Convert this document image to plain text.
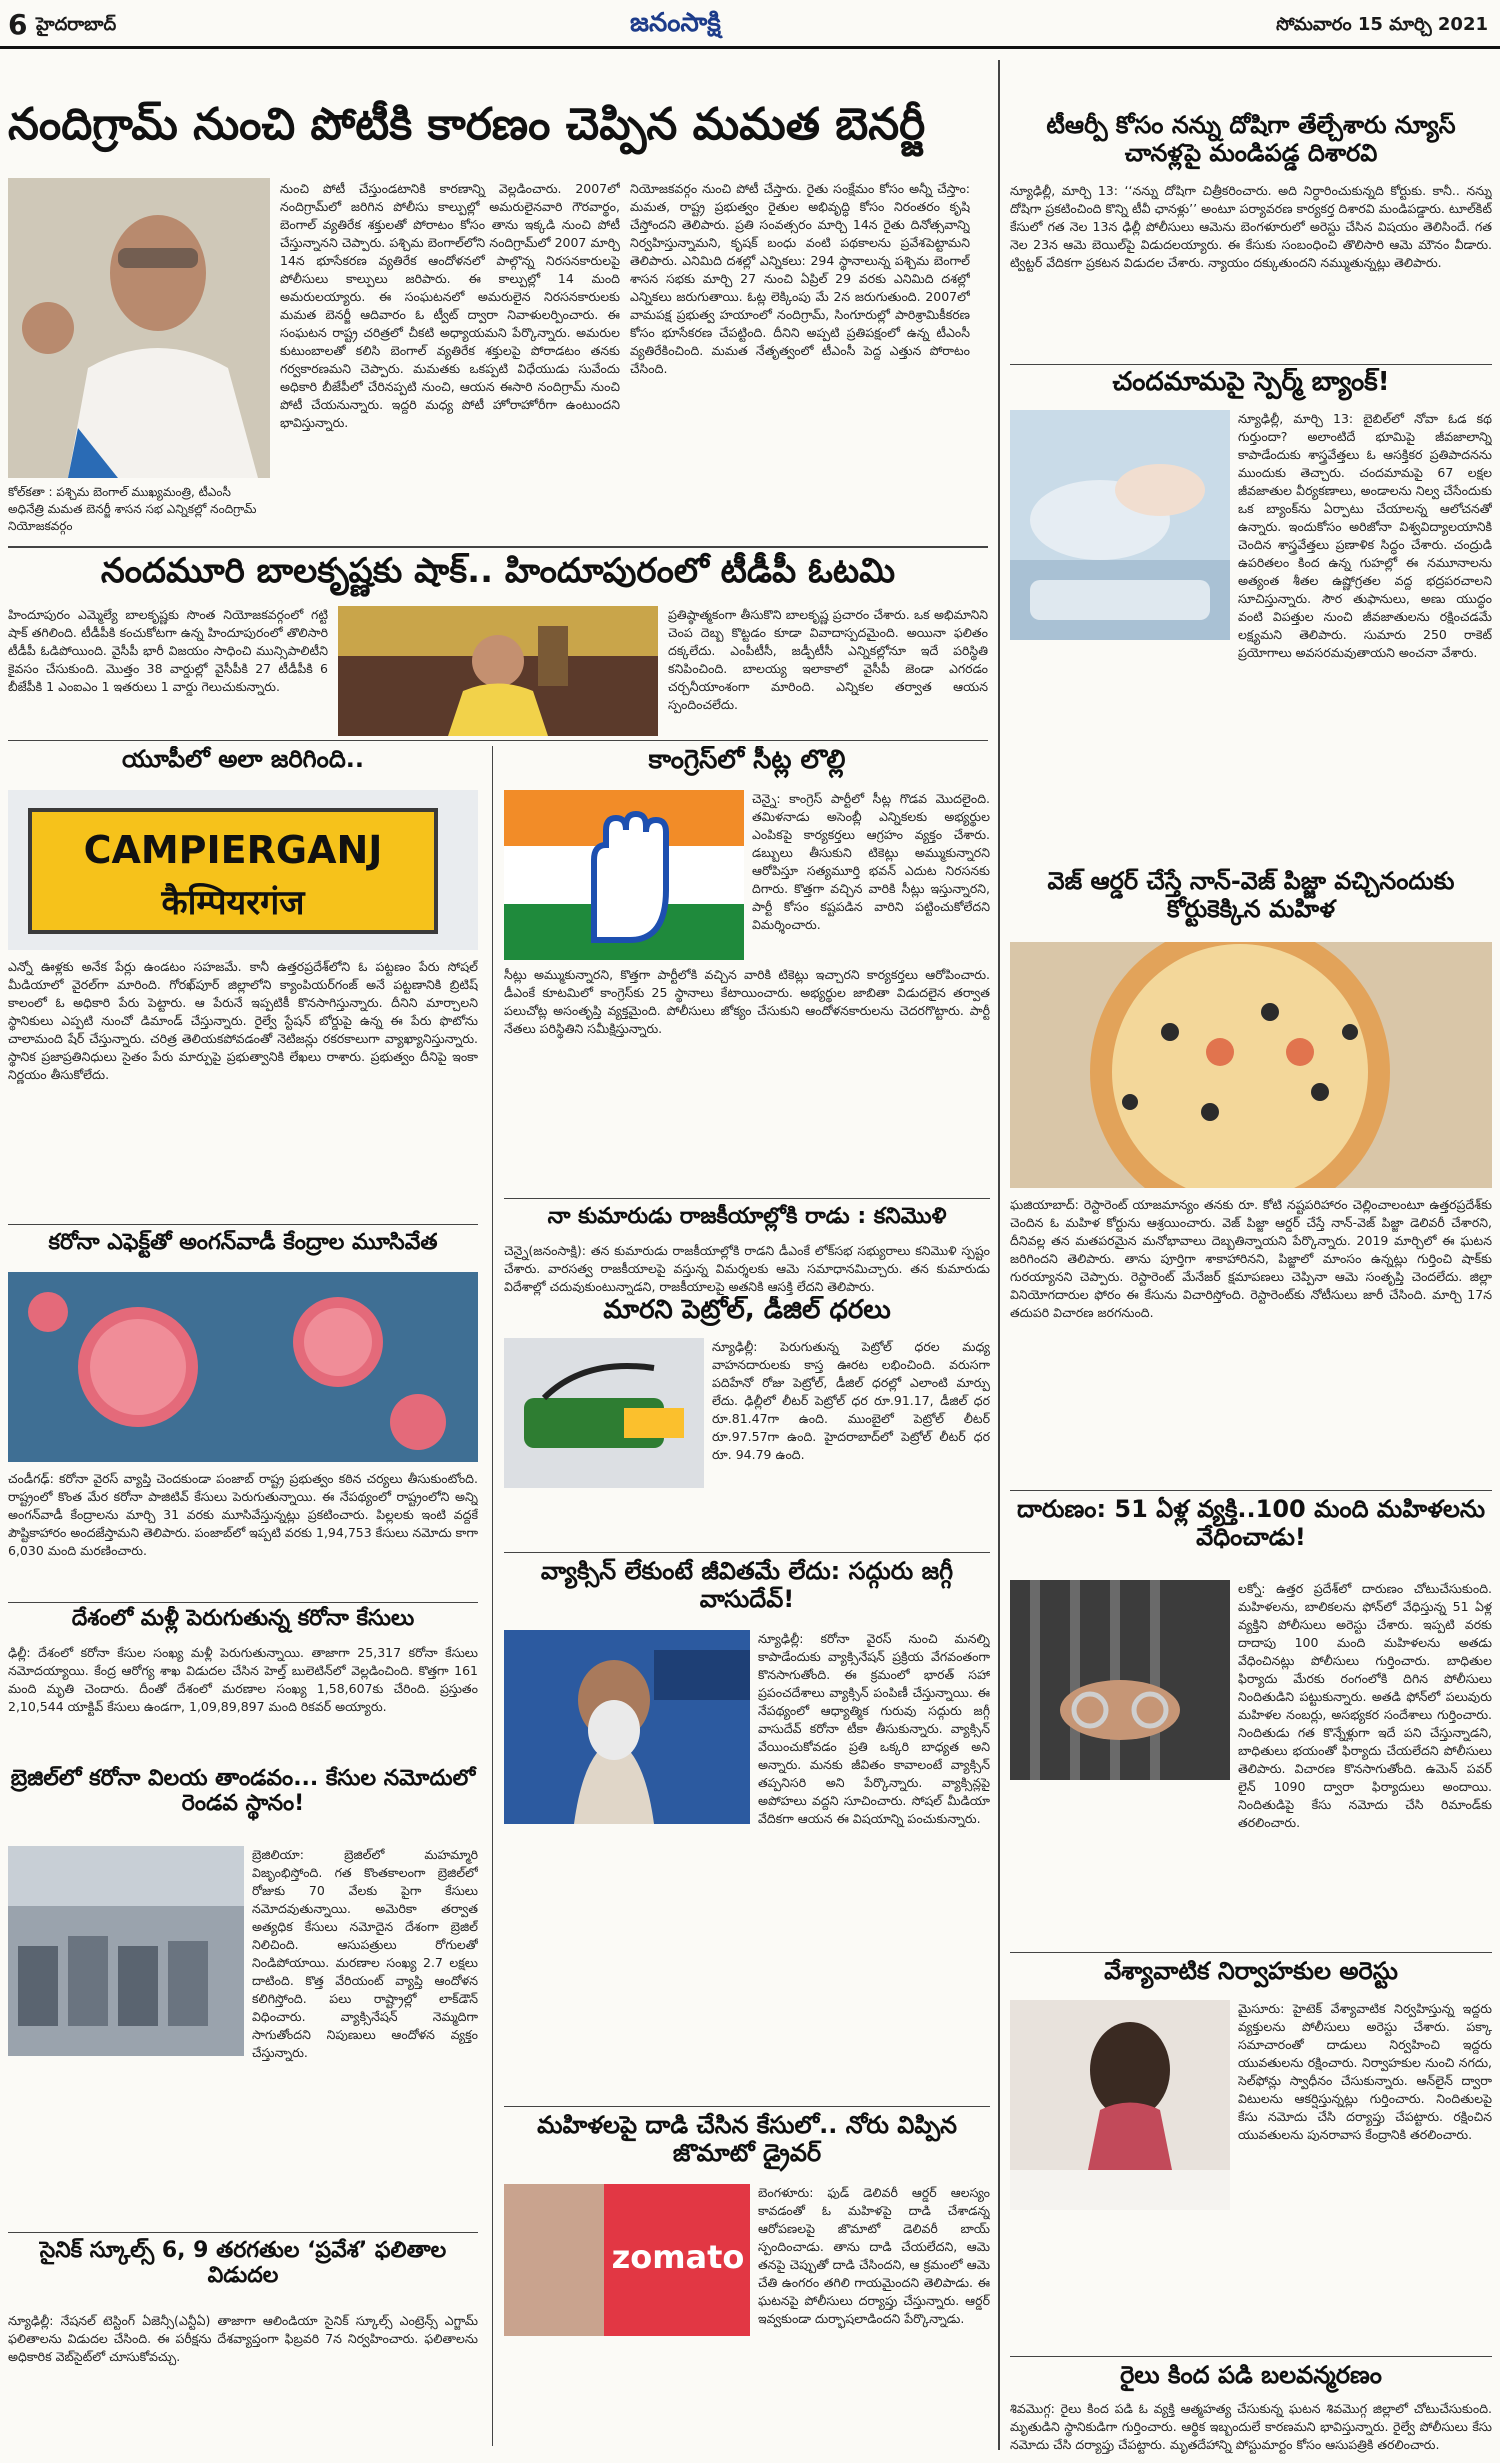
6 హైదరాబాద్	జనంసాక్షి	సోమవారం 15 మార్చి 2021
నందిగ్రామ్ నుంచి పోటీకి కారణం చెప్పిన మమత బెనర్జీ
కోల్‌కతా : పశ్చిమ బెంగాల్ ముఖ్యమంత్రి, టీఎంసీ అధినేత్రి మమత బెనర్జీ శాసన సభ ఎన్నికల్లో నందిగ్రామ్ నియోజకవర్గం
నుంచి పోటీ చేస్తుండటానికి కారణాన్ని వెల్లడించారు. 2007లో నందిగ్రామ్‌లో జరిగిన పోలీసు కాల్పుల్లో అమరులైనవారి గౌరవార్థం, బెంగాల్ వ్యతిరేక శక్తులతో పోరాటం కోసం తాను ఇక్కడి నుంచి పోటీ చేస్తున్నానని చెప్పారు. పశ్చిమ బెంగాల్‌లోని నందిగ్రామ్‌లో 2007 మార్చి 14న భూసేకరణ వ్యతిరేక ఆందోళనలో పాల్గొన్న నిరసనకారులపై పోలీసులు కాల్పులు జరిపారు. ఈ కాల్పుల్లో 14 మంది అమరులయ్యారు. ఈ సంఘటనలో అమరులైన నిరసనకారులకు మమత బెనర్జీ ఆదివారం ఓ ట్వీట్ ద్వారా నివాళులర్పించారు. ఈ సంఘటన రాష్ట్ర చరిత్రలో చీకటి అధ్యాయమని పేర్కొన్నారు. అమరుల కుటుంబాలతో కలిసి బెంగాల్ వ్యతిరేక శక్తులపై పోరాడటం తనకు గర్వకారణమని చెప్పారు. మమతకు ఒకప్పటి విధేయుడు సువేందు అధికారి బీజేపీలో చేరినప్పటి నుంచి, ఆయన ఈసారి నందిగ్రామ్ నుంచి పోటీ చేయనున్నారు. ఇద్దరి మధ్య పోటీ హోరాహోరీగా ఉంటుందని భావిస్తున్నారు.
నియోజకవర్గం నుంచి పోటీ చేస్తారు. రైతు సంక్షేమం కోసం అన్నీ చేస్తాం: మమత, రాష్ట్ర ప్రభుత్వం రైతుల అభివృద్ధి కోసం నిరంతరం కృషి చేస్తోందని తెలిపారు. ప్రతి సంవత్సరం మార్చి 14న రైతు దినోత్సవాన్ని నిర్వహిస్తున్నామని, కృషక్ బంధు వంటి పథకాలను ప్రవేశపెట్టామని తెలిపారు. ఎనిమిది దశల్లో ఎన్నికలు: 294 స్థానాలున్న పశ్చిమ బెంగాల్ శాసన సభకు మార్చి 27 నుంచి ఏప్రిల్ 29 వరకు ఎనిమిది దశల్లో ఎన్నికలు జరుగుతాయి. ఓట్ల లెక్కింపు మే 2న జరుగుతుంది. 2007లో వామపక్ష ప్రభుత్వ హయాంలో నందిగ్రామ్, సింగూరుల్లో పారిశ్రామికీకరణ కోసం భూసేకరణ చేపట్టింది. దీనిని అప్పటి ప్రతిపక్షంలో ఉన్న టీఎంసీ వ్యతిరేకించింది. మమత నేతృత్వంలో టీఎంసీ పెద్ద ఎత్తున పోరాటం చేసింది.
టీఆర్పీ కోసం నన్ను దోషిగా తేల్చేశారు న్యూస్ చానళ్లపై మండిపడ్డ దిశారవి
న్యూఢిల్లీ, మార్చి 13: ‘‘నన్ను దోషిగా చిత్రీకరించారు. అది నిర్ధారించుకున్నది కోర్టుకు. కానీ.. నన్ను దోషిగా ప్రకటించింది కొన్ని టీవీ ఛానళ్లు’’ అంటూ పర్యావరణ కార్యకర్త దిశారవి మండిపడ్డారు. టూల్‌కిట్ కేసులో గత నెల 13న ఢిల్లీ పోలీసులు ఆమెను బెంగళూరులో అరెస్టు చేసిన విషయం తెలిసిందే. గత నెల 23న ఆమె బెయిల్‌పై విడుదలయ్యారు. ఈ కేసుకు సంబంధించి తొలిసారి ఆమె మౌనం వీడారు. ట్విట్టర్ వేదికగా ప్రకటన విడుదల చేశారు. న్యాయం దక్కుతుందని నమ్ముతున్నట్లు తెలిపారు.
చందమామపై స్పెర్మ్ బ్యాంక్!
న్యూఢిల్లీ, మార్చి 13: బైబిల్‌లో నోవా ఓడ కథ గుర్తుందా? అలాంటిదే భూమిపై జీవజాలాన్ని కాపాడేందుకు శాస్త్రవేత్తలు ఓ ఆసక్తికర ప్రతిపాదనను ముందుకు తెచ్చారు. చందమామపై 67 లక్షల జీవజాతుల వీర్యకణాలు, అండాలను నిల్వ చేసేందుకు ఒక బ్యాంక్‌ను ఏర్పాటు చేయాలన్న ఆలోచనతో ఉన్నారు. ఇందుకోసం అరిజోనా విశ్వవిద్యాలయానికి చెందిన శాస్త్రవేత్తలు ప్రణాళిక సిద్ధం చేశారు. చంద్రుడి ఉపరితలం కింద ఉన్న గుహల్లో ఈ నమూనాలను అత్యంత శీతల ఉష్ణోగ్రతల వద్ద భద్రపరచాలని సూచిస్తున్నారు. సౌర తుఫానులు, అణు యుద్ధం వంటి విపత్తుల నుంచి జీవజాతులను రక్షించడమే లక్ష్యమని తెలిపారు. సుమారు 250 రాకెట్ ప్రయోగాలు అవసరమవుతాయని అంచనా వేశారు.
వెజ్ ఆర్డర్ చేస్తే నాన్-వెజ్ పిజ్జా వచ్చినందుకు కోర్టుకెక్కిన మహిళ
ఘజియాబాద్: రెస్టారెంట్ యాజమాన్యం తనకు రూ. కోటి నష్టపరిహారం చెల్లించాలంటూ ఉత్తరప్రదేశ్‌కు చెందిన ఓ మహిళ కోర్టును ఆశ్రయించారు. వెజ్ పిజ్జా ఆర్డర్ చేస్తే నాన్-వెజ్ పిజ్జా డెలివరీ చేశారని, దీనివల్ల తన మతపరమైన మనోభావాలు దెబ్బతిన్నాయని పేర్కొన్నారు. 2019 మార్చిలో ఈ ఘటన జరిగిందని తెలిపారు. తాను పూర్తిగా శాకాహారినని, పిజ్జాలో మాంసం ఉన్నట్లు గుర్తించి షాక్‌కు గురయ్యానని చెప్పారు. రెస్టారెంట్ మేనేజర్ క్షమాపణలు చెప్పినా ఆమె సంతృప్తి చెందలేదు. జిల్లా వినియోగదారుల ఫోరం ఈ కేసును విచారిస్తోంది. రెస్టారెంట్‌కు నోటీసులు జారీ చేసింది. మార్చి 17న తదుపరి విచారణ జరగనుంది.
దారుణం: 51 ఏళ్ల వ్యక్తి..100 మంది మహిళలను వేధించాడు!
లక్నో: ఉత్తర ప్రదేశ్‌లో దారుణం చోటుచేసుకుంది. మహిళలను, బాలికలను ఫోన్‌లో వేధిస్తున్న 51 ఏళ్ల వ్యక్తిని పోలీసులు అరెస్టు చేశారు. ఇప్పటి వరకు దాదాపు 100 మంది మహిళలను అతడు వేధించినట్లు పోలీసులు గుర్తించారు. బాధితుల ఫిర్యాదు మేరకు రంగంలోకి దిగిన పోలీసులు నిందితుడిని పట్టుకున్నారు. అతడి ఫోన్‌లో పలువురు మహిళల నంబర్లు, అసభ్యకర సందేశాలు గుర్తించారు. నిందితుడు గత కొన్నేళ్లుగా ఇదే పని చేస్తున్నాడని, బాధితులు భయంతో ఫిర్యాదు చేయలేదని పోలీసులు తెలిపారు. విచారణ కొనసాగుతోంది. ఉమెన్ పవర్ లైన్ 1090 ద్వారా ఫిర్యాదులు అందాయి. నిందితుడిపై కేసు నమోదు చేసి రిమాండ్‌కు తరలించారు.
వేశ్యావాటిక నిర్వాహకుల అరెస్టు
మైసూరు: హైటెక్ వేశ్యావాటిక నిర్వహిస్తున్న ఇద్దరు వ్యక్తులను పోలీసులు అరెస్టు చేశారు. పక్కా సమాచారంతో దాడులు నిర్వహించి ఇద్దరు యువతులను రక్షించారు. నిర్వాహకుల నుంచి నగదు, సెల్‌ఫోన్లు స్వాధీనం చేసుకున్నారు. ఆన్‌లైన్ ద్వారా విటులను ఆకర్షిస్తున్నట్లు గుర్తించారు. నిందితులపై కేసు నమోదు చేసి దర్యాప్తు చేపట్టారు. రక్షించిన యువతులను పునరావాస కేంద్రానికి తరలించారు.
రైలు కింద పడి బలవన్మరణం
శివమొగ్గ: రైలు కింద పడి ఓ వ్యక్తి ఆత్మహత్య చేసుకున్న ఘటన శివమొగ్గ జిల్లాలో చోటుచేసుకుంది. మృతుడిని స్థానికుడిగా గుర్తించారు. ఆర్థిక ఇబ్బందులే కారణమని భావిస్తున్నారు. రైల్వే పోలీసులు కేసు నమోదు చేసి దర్యాప్తు చేపట్టారు. మృతదేహాన్ని పోస్టుమార్టం కోసం ఆసుపత్రికి తరలించారు.
నందమూరి బాలకృష్ణకు షాక్.. హిందూపురంలో టీడీపీ ఓటమి
హిందూపురం ఎమ్మెల్యే బాలకృష్ణకు సొంత నియోజకవర్గంలో గట్టి షాక్ తగిలింది. టీడీపీకి కంచుకోటగా ఉన్న హిందూపురంలో తొలిసారి టీడీపీ ఓడిపోయింది. వైసీపీ భారీ విజయం సాధించి మున్సిపాలిటీని కైవసం చేసుకుంది. మొత్తం 38 వార్డుల్లో వైసీపీకి 27 టీడీపీకి 6 బీజేపీకి 1 ఎంఐఎం 1 ఇతరులు 1 వార్డు గెలుచుకున్నారు.
ప్రతిష్ఠాత్మకంగా తీసుకొని బాలకృష్ణ ప్రచారం చేశారు. ఒక అభిమానిని చెంప దెబ్బ కొట్టడం కూడా వివాదాస్పదమైంది. అయినా ఫలితం దక్కలేదు. ఎంపీటీసీ, జడ్పీటీసీ ఎన్నికల్లోనూ ఇదే పరిస్థితి కనిపించింది. బాలయ్య ఇలాకాలో వైసీపీ జెండా ఎగరడం చర్చనీయాంశంగా మారింది. ఎన్నికల తర్వాత ఆయన స్పందించలేదు.
యూపీలో అలా జరిగింది..
CAMPIERGANJ
कैम्पियरगंज
ఎన్నో ఊళ్లకు అనేక పేర్లు ఉండటం సహజమే. కానీ ఉత్తరప్రదేశ్‌లోని ఓ పట్టణం పేరు సోషల్ మీడియాలో వైరల్‌గా మారింది. గోరఖ్‌పూర్ జిల్లాలోని క్యాంపియర్‌గంజ్ అనే పట్టణానికి బ్రిటిష్ కాలంలో ఓ అధికారి పేరు పెట్టారు. ఆ పేరునే ఇప్పటికీ కొనసాగిస్తున్నారు. దీనిని మార్చాలని స్థానికులు ఎప్పటి నుంచో డిమాండ్ చేస్తున్నారు. రైల్వే స్టేషన్ బోర్డుపై ఉన్న ఈ పేరు ఫొటోను చాలామంది షేర్ చేస్తున్నారు. చరిత్ర తెలియకపోవడంతో నెటిజన్లు రకరకాలుగా వ్యాఖ్యానిస్తున్నారు. స్థానిక ప్రజాప్రతినిధులు సైతం పేరు మార్పుపై ప్రభుత్వానికి లేఖలు రాశారు. ప్రభుత్వం దీనిపై ఇంకా నిర్ణయం తీసుకోలేదు.
కాంగ్రెస్‌లో సీట్ల లొల్లి
చెన్నై: కాంగ్రెస్ పార్టీలో సీట్ల గొడవ మొదలైంది. తమిళనాడు అసెంబ్లీ ఎన్నికలకు అభ్యర్థుల ఎంపికపై కార్యకర్తలు ఆగ్రహం వ్యక్తం చేశారు. డబ్బులు తీసుకుని టికెట్లు అమ్ముకున్నారని ఆరోపిస్తూ సత్యమూర్తి భవన్ ఎదుట నిరసనకు దిగారు. కొత్తగా వచ్చిన వారికి సీట్లు ఇస్తున్నారని, పార్టీ కోసం కష్టపడిన వారిని పట్టించుకోలేదని విమర్శించారు.
సీట్లు అమ్ముకున్నారని, కొత్తగా పార్టీలోకి వచ్చిన వారికి టికెట్లు ఇచ్చారని కార్యకర్తలు ఆరోపించారు. డీఎంకే కూటమిలో కాంగ్రెస్‌కు 25 స్థానాలు కేటాయించారు. అభ్యర్థుల జాబితా విడుదలైన తర్వాత పలుచోట్ల అసంతృప్తి వ్యక్తమైంది. పోలీసులు జోక్యం చేసుకుని ఆందోళనకారులను చెదరగొట్టారు. పార్టీ నేతలు పరిస్థితిని సమీక్షిస్తున్నారు.
నా కుమారుడు రాజకీయాల్లోకి రాడు : కనిమొళి
చెన్నై(జనంసాక్షి): తన కుమారుడు రాజకీయాల్లోకి రాడని డీఎంకే లోక్‌సభ సభ్యురాలు కనిమొళి స్పష్టం చేశారు. వారసత్వ రాజకీయాలపై వస్తున్న విమర్శలకు ఆమె సమాధానమిచ్చారు. తన కుమారుడు విదేశాల్లో చదువుకుంటున్నాడని, రాజకీయాలపై అతనికి ఆసక్తి లేదని తెలిపారు.
మారని పెట్రోల్, డీజిల్ ధరలు
న్యూఢిల్లీ: పెరుగుతున్న పెట్రోల్ ధరల మధ్య వాహనదారులకు కాస్త ఊరట లభించింది. వరుసగా పదిహేనో రోజు పెట్రోల్, డీజిల్ ధరల్లో ఎలాంటి మార్పు లేదు. ఢిల్లీలో లీటర్ పెట్రోల్ ధర రూ.91.17, డీజిల్ ధర రూ.81.47గా ఉంది. ముంబైలో పెట్రోల్ లీటర్ రూ.97.57గా ఉంది. హైదరాబాద్‌లో పెట్రోల్ లీటర్ ధర రూ. 94.79 ఉంది.
వ్యాక్సిన్ లేకుంటే జీవితమే లేదు: సద్గురు జగ్గీ వాసుదేవ్!
న్యూఢిల్లీ: కరోనా వైరస్ నుంచి మనల్ని కాపాడేందుకు వ్యాక్సినేషన్ ప్రక్రియ వేగవంతంగా కొనసాగుతోంది. ఈ క్రమంలో భారత్ సహా ప్రపంచదేశాలు వ్యాక్సిన్ పంపిణీ చేస్తున్నాయి. ఈ నేపథ్యంలో ఆధ్యాత్మిక గురువు సద్గురు జగ్గీ వాసుదేవ్ కరోనా టీకా తీసుకున్నారు. వ్యాక్సిన్ వేయించుకోవడం ప్రతి ఒక్కరి బాధ్యత అని అన్నారు. మనకు జీవితం కావాలంటే వ్యాక్సిన్ తప్పనిసరి అని పేర్కొన్నారు. వ్యాక్సిన్లపై అపోహలు వద్దని సూచించారు. సోషల్ మీడియా వేదికగా ఆయన ఈ విషయాన్ని పంచుకున్నారు.
మహిళలపై దాడి చేసిన కేసులో.. నోరు విప్పిన జొమాటో డ్రైవర్
zomato
బెంగళూరు: ఫుడ్ డెలివరీ ఆర్డర్ ఆలస్యం కావడంతో ఓ మహిళపై దాడి చేశాడన్న ఆరోపణలపై జొమాటో డెలివరీ బాయ్ స్పందించాడు. తాను దాడి చేయలేదని, ఆమె తనపై చెప్పుతో దాడి చేసిందని, ఆ క్రమంలో ఆమె చేతి ఉంగరం తగిలి గాయమైందని తెలిపాడు. ఈ ఘటనపై పోలీసులు దర్యాప్తు చేస్తున్నారు. ఆర్డర్ ఇవ్వకుండా దుర్భాషలాడిందని పేర్కొన్నాడు.
కరోనా ఎఫెక్ట్‌తో అంగన్‌వాడీ కేంద్రాల మూసివేత
చండీగఢ్: కరోనా వైరస్ వ్యాప్తి చెందకుండా పంజాబ్ రాష్ట్ర ప్రభుత్వం కఠిన చర్యలు తీసుకుంటోంది. రాష్ట్రంలో కొంత మేర కరోనా పాజిటివ్ కేసులు పెరుగుతున్నాయి. ఈ నేపథ్యంలో రాష్ట్రంలోని అన్ని అంగన్‌వాడీ కేంద్రాలను మార్చి 31 వరకు మూసివేస్తున్నట్లు ప్రకటించారు. పిల్లలకు ఇంటి వద్దకే పౌష్టికాహారం అందజేస్తామని తెలిపారు. పంజాబ్‌లో ఇప్పటి వరకు 1,94,753 కేసులు నమోదు కాగా 6,030 మంది మరణించారు.
దేశంలో మళ్లీ పెరుగుతున్న కరోనా కేసులు
ఢిల్లీ: దేశంలో కరోనా కేసుల సంఖ్య మళ్లీ పెరుగుతున్నాయి. తాజాగా 25,317 కరోనా కేసులు నమోదయ్యాయి. కేంద్ర ఆరోగ్య శాఖ విడుదల చేసిన హెల్త్ బులెటిన్‌లో వెల్లడించింది. కొత్తగా 161 మంది మృతి చెందారు. దీంతో దేశంలో మరణాల సంఖ్య 1,58,607కు చేరింది. ప్రస్తుతం 2,10,544 యాక్టివ్ కేసులు ఉండగా, 1,09,89,897 మంది రికవర్ అయ్యారు.
బ్రెజిల్‌లో కరోనా విలయ తాండవం... కేసుల నమోదులో రెండవ స్థానం!
బ్రెజిలియా: బ్రెజిల్‌లో మహమ్మారి విజృంభిస్తోంది. గత కొంతకాలంగా బ్రెజిల్‌లో రోజుకు 70 వేలకు పైగా కేసులు నమోదవుతున్నాయి. అమెరికా తర్వాత అత్యధిక కేసులు నమోదైన దేశంగా బ్రెజిల్ నిలిచింది. ఆసుపత్రులు రోగులతో నిండిపోయాయి. మరణాల సంఖ్య 2.7 లక్షలు దాటింది. కొత్త వేరియంట్ వ్యాప్తి ఆందోళన కలిగిస్తోంది. పలు రాష్ట్రాల్లో లాక్‌డౌన్ విధించారు. వ్యాక్సినేషన్ నెమ్మదిగా సాగుతోందని నిపుణులు ఆందోళన వ్యక్తం చేస్తున్నారు.
సైనిక్ స్కూల్స్ 6, 9 తరగతుల ‘ప్రవేశ’ ఫలితాల విడుదల
న్యూఢిల్లీ: నేషనల్ టెస్టింగ్ ఏజెన్సీ(ఎన్టీఏ) తాజాగా ఆలిండియా సైనిక్ స్కూల్స్ ఎంట్రెన్స్ ఎగ్జామ్ ఫలితాలను విడుదల చేసింది. ఈ పరీక్షను దేశవ్యాప్తంగా ఫిబ్రవరి 7న నిర్వహించారు. ఫలితాలను అధికారిక వెబ్‌సైట్‌లో చూసుకోవచ్చు.
